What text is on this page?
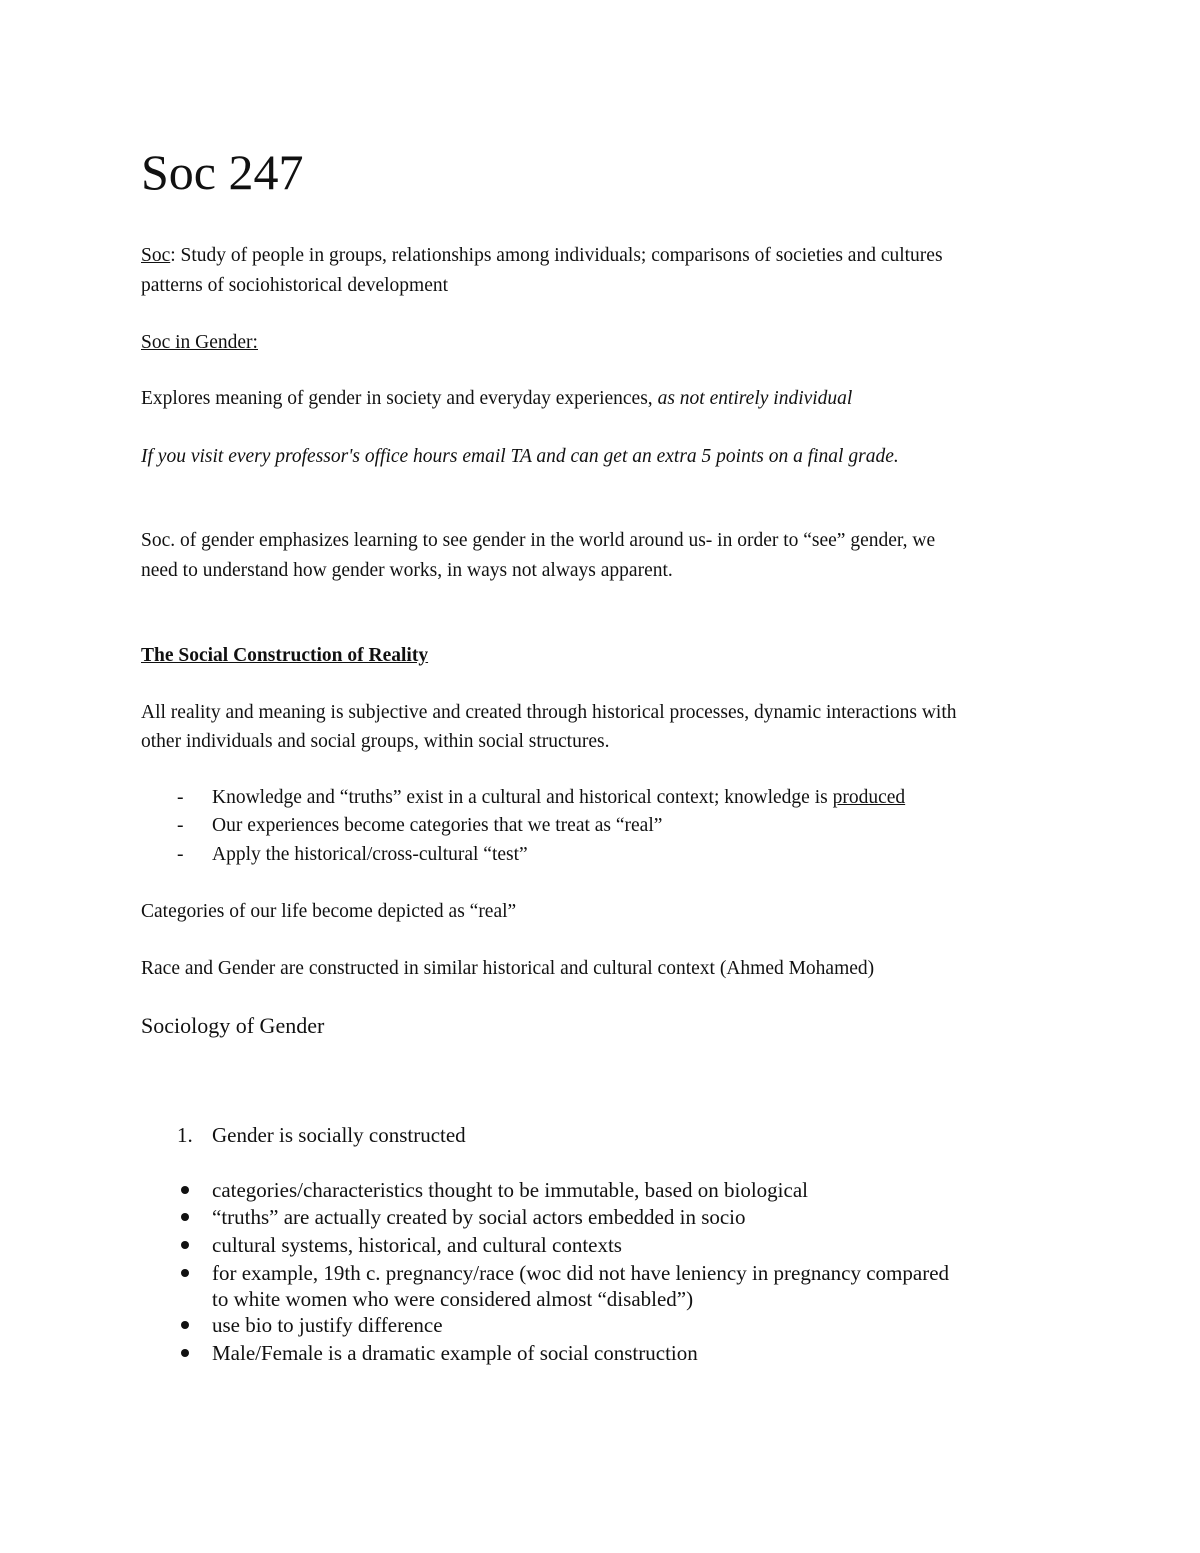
Soc 247
Soc: Study of people in groups, relationships among individuals; comparisons of societies and cultures
patterns of sociohistorical development
Soc in Gender:
Explores meaning of gender in society and everyday experiences, as not entirely individual
If you visit every professor's office hours email TA and can get an extra 5 points on a final grade.
Soc. of gender emphasizes learning to see gender in the world around us- in order to “see” gender, we
need to understand how gender works, in ways not always apparent.
The Social Construction of Reality
All reality and meaning is subjective and created through historical processes, dynamic interactions with
other individuals and social groups, within social structures.
- Knowledge and “truths” exist in a cultural and historical context; knowledge is produced
- Our experiences become categories that we treat as “real”
- Apply the historical/cross-cultural “test”
Categories of our life become depicted as “real”
Race and Gender are constructed in similar historical and cultural context (Ahmed Mohamed)
Sociology of Gender
1. Gender is socially constructed
categories/characteristics thought to be immutable, based on biological
“truths” are actually created by social actors embedded in socio
cultural systems, historical, and cultural contexts
for example, 19th c. pregnancy/race (woc did not have leniency in pregnancy compared
to white women who were considered almost “disabled”)
use bio to justify difference
Male/Female is a dramatic example of social construction
